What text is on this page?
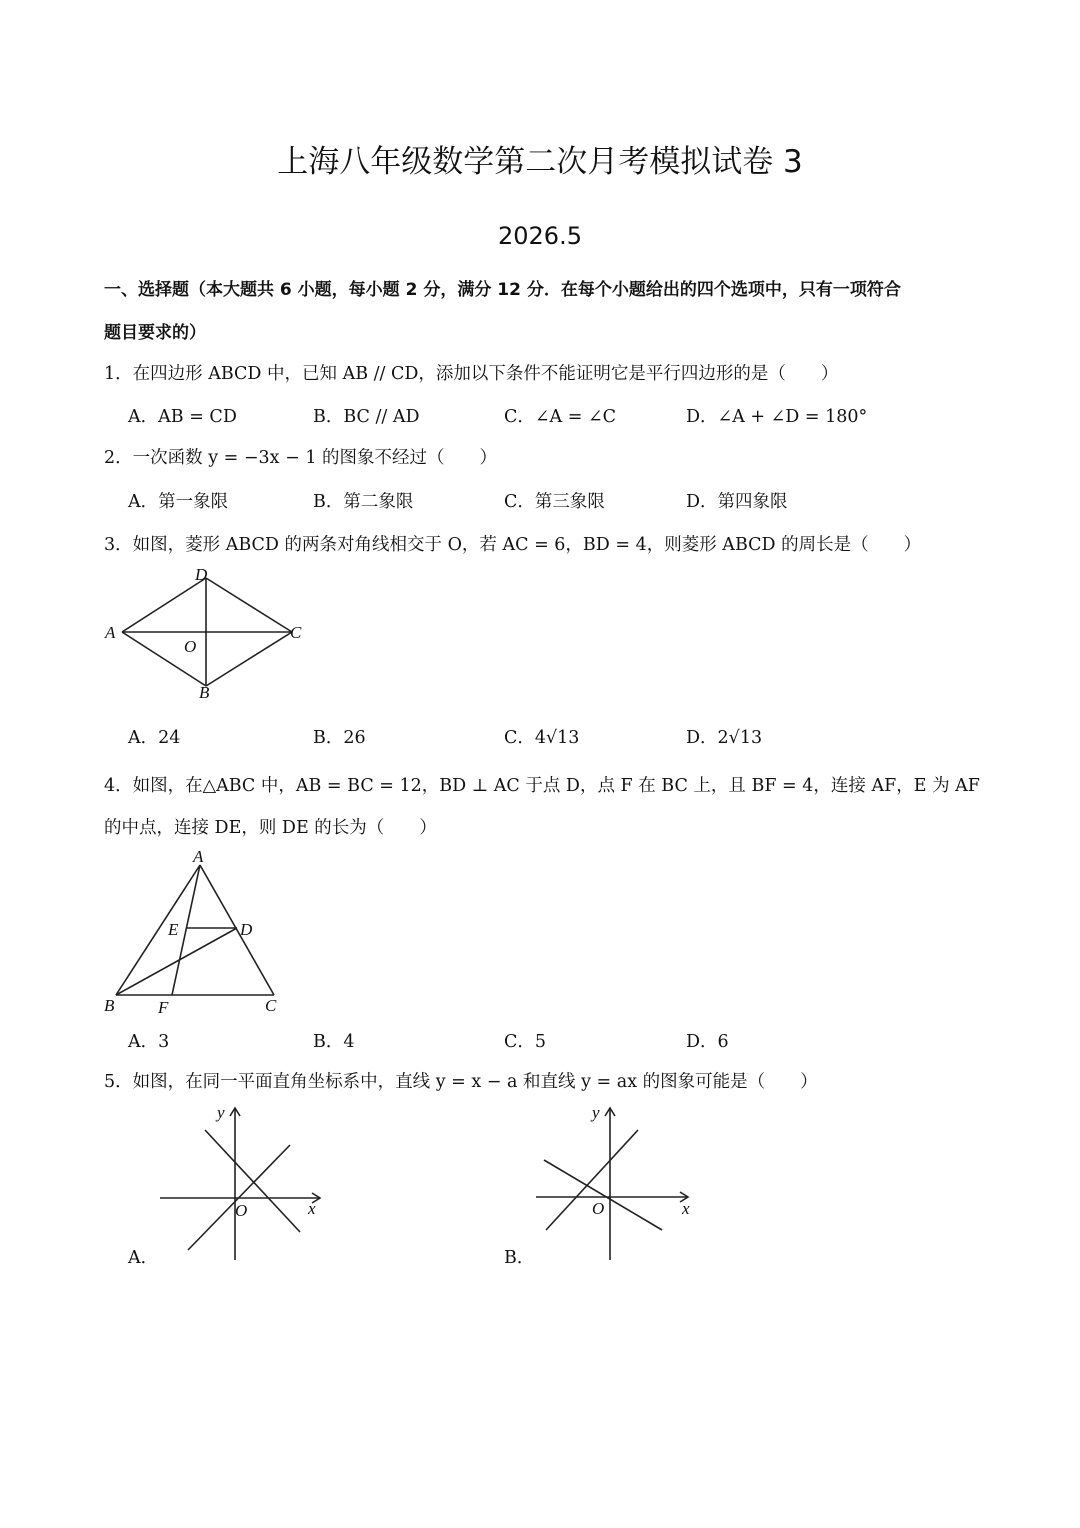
上海八年级数学第二次月考模拟试卷 3
2026.5
一、选择题（本大题共 6 小题，每小题 2 分，满分 12 分．在每个小题给出的四个选项中，只有一项符合
题目要求的）
1．在四边形 ABCD 中，已知 AB // CD，添加以下条件不能证明它是平行四边形的是（　　）
A．AB = CD	B．BC // AD	C．∠A = ∠C	D．∠A + ∠D = 180°
2．一次函数 y = −3x − 1 的图象不经过（　　）
A．第一象限	B．第二象限	C．第三象限	D．第四象限
3．如图，菱形 ABCD 的两条对角线相交于 O，若 AC = 6，BD = 4，则菱形 ABCD 的周长是（　　）
D
A
O
C
B
A．24	B．26	C．4√13	D．2√13
4．如图，在△ABC 中，AB = BC = 12，BD ⊥ AC 于点 D，点 F 在 BC 上，且 BF = 4，连接 AF，E 为 AF
的中点，连接 DE，则 DE 的长为（　　）
A
E	D
B	F	C
A．3	B．4	C．5	D．6
5．如图，在同一平面直角坐标系中，直线 y = x − a 和直线 y = ax 的图象可能是（　　）
y
x
O
A．
y
x
O
B．
